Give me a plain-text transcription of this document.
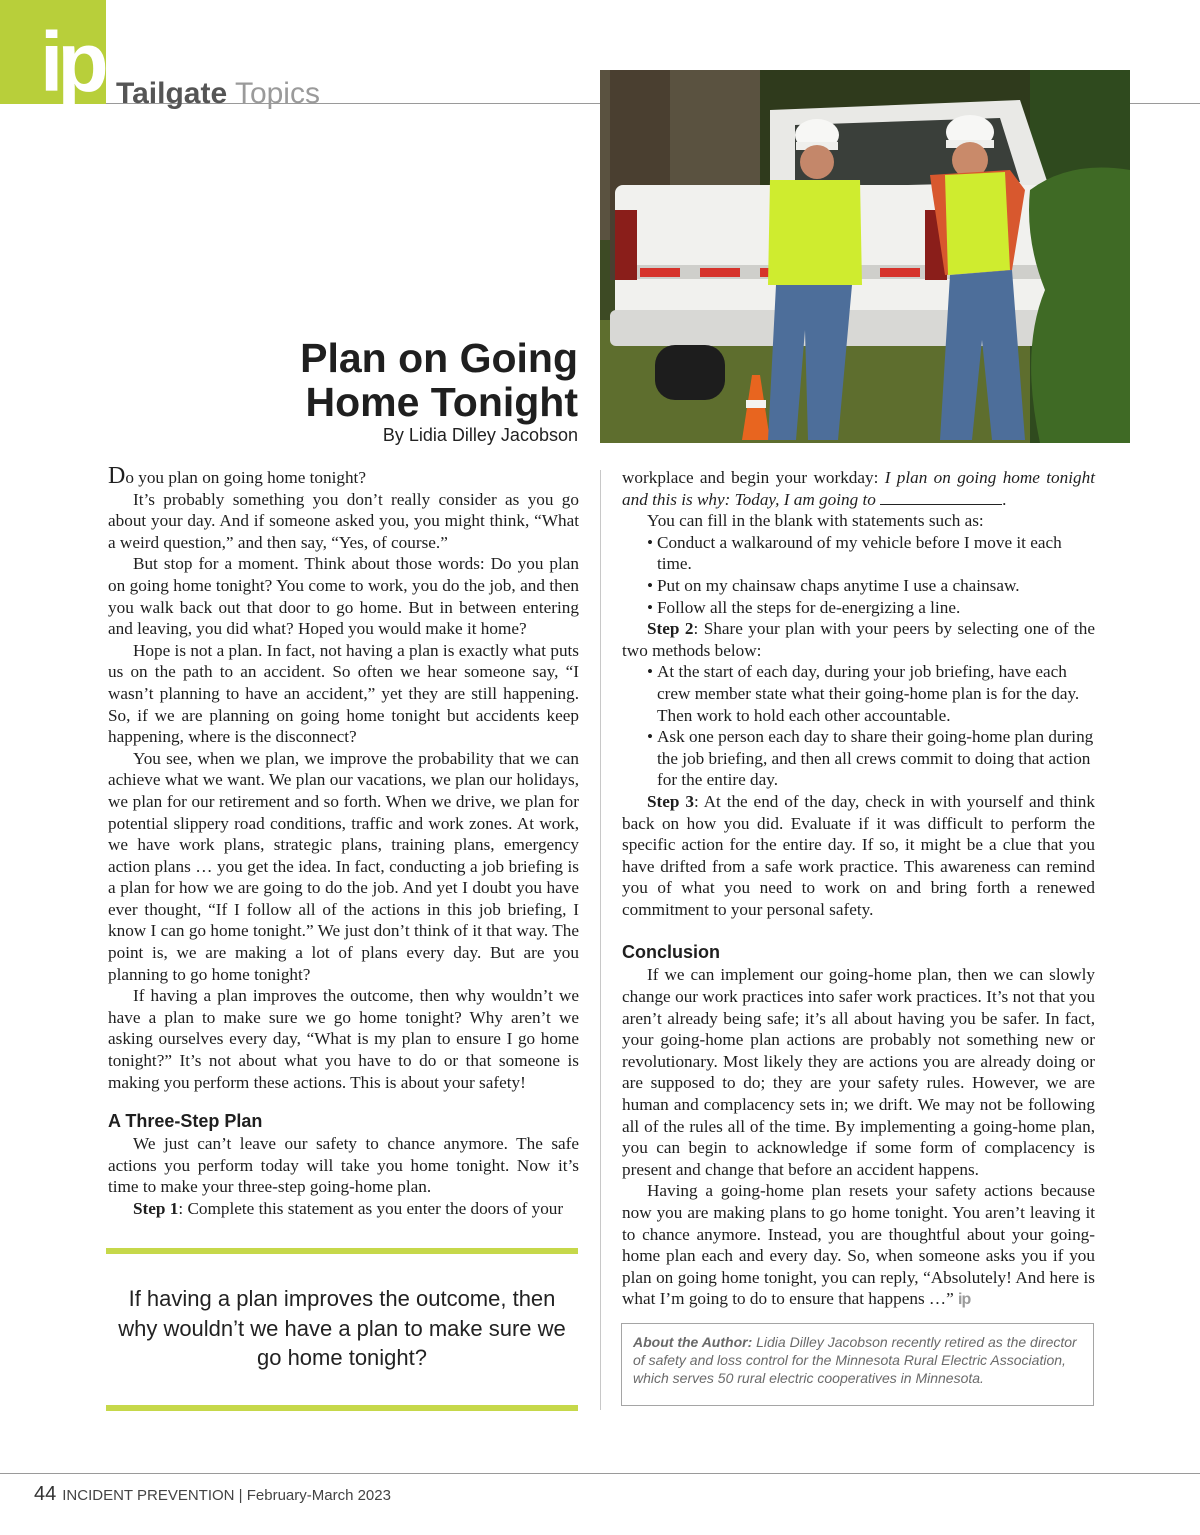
ip Tailgate Topics
Plan on Going
Home Tonight
By Lidia Dilley Jacobson

Do you plan on going home tonight?

It’s probably something you don’t really consider as you go about your day. And if someone asked you, you might think, “What a weird question,” and then say, “Yes, of course.”

But stop for a moment. Think about those words: Do you plan on going home tonight? You come to work, you do the job, and then you walk back out that door to go home. But in between entering and leaving, you did what? Hoped you would make it home?

Hope is not a plan. In fact, not having a plan is exactly what puts us on the path to an accident. So often we hear someone say, “I wasn’t planning to have an accident,” yet they are still happening. So, if we are planning on going home tonight but accidents keep happening, where is the disconnect?

You see, when we plan, we improve the probability that we can achieve what we want. We plan our vacations, we plan our holidays, we plan for our retirement and so forth. When we drive, we plan for potential slippery road conditions, traffic and work zones. At work, we have work plans, strategic plans, training plans, emergency action plans … you get the idea. In fact, conducting a job briefing is a plan for how we are going to do the job. And yet I doubt you have ever thought, “If I follow all of the actions in this job briefing, I know I can go home tonight.” We just don’t think of it that way. The point is, we are making a lot of plans every day. But are you planning to go home tonight?

If having a plan improves the outcome, then why wouldn’t we have a plan to make sure we go home tonight? Why aren’t we asking ourselves every day, “What is my plan to ensure I go home tonight?” It’s not about what you have to do or that someone is making you perform these actions. This is about your safety!

A Three-Step Plan

We just can’t leave our safety to chance anymore. The safe actions you perform today will take you home tonight. Now it’s time to make your three-step going-home plan.

Step 1: Complete this statement as you enter the doors of your

workplace and begin your workday: I plan on going home tonight and this is why: Today, I am going to	.

You can fill in the blank with statements such as:

• Conduct a walkaround of my vehicle before I move it each time.

• Put on my chainsaw chaps anytime I use a chainsaw.

• Follow all the steps for de-energizing a line.

Step 2: Share your plan with your peers by selecting one of the two methods below:

• At the start of each day, during your job briefing, have each crew member state what their going-home plan is for the day. Then work to hold each other accountable.

• Ask one person each day to share their going-home plan during the job briefing, and then all crews commit to doing that action for the entire day.

Step 3: At the end of the day, check in with yourself and think back on how you did. Evaluate if it was difficult to perform the specific action for the entire day. If so, it might be a clue that you have drifted from a safe work practice. This awareness can remind you of what you need to work on and bring forth a renewed commitment to your personal safety.

Conclusion

If we can implement our going-home plan, then we can slowly change our work practices into safer work practices. It’s not that you aren’t already being safe; it’s all about having you be safer. In fact, your going-home plan actions are probably not something new or revolutionary. Most likely they are actions you are already doing or are supposed to do; they are your safety rules. However, we are human and complacency sets in; we drift. We may not be following all of the rules all of the time. By implementing a going-home plan, you can begin to acknowledge if some form of complacency is present and change that before an accident happens.

Having a going-home plan resets your safety actions because now you are making plans to go home tonight. You aren’t leaving it to chance anymore. Instead, you are thoughtful about your going-home plan each and every day. So, when someone asks you if you plan on going home tonight, you can reply, “Absolutely! And here is what I’m going to do to ensure that happens …” ip

If having a plan improves the outcome, then why wouldn’t we have a plan to make sure we go home tonight?
About the Author: Lidia Dilley Jacobson recently retired as the director of safety and loss control for the Minnesota Rural Electric Association, which serves 50 rural electric cooperatives in Minnesota.
44 INCIDENT PREVENTION | February-March 2023
